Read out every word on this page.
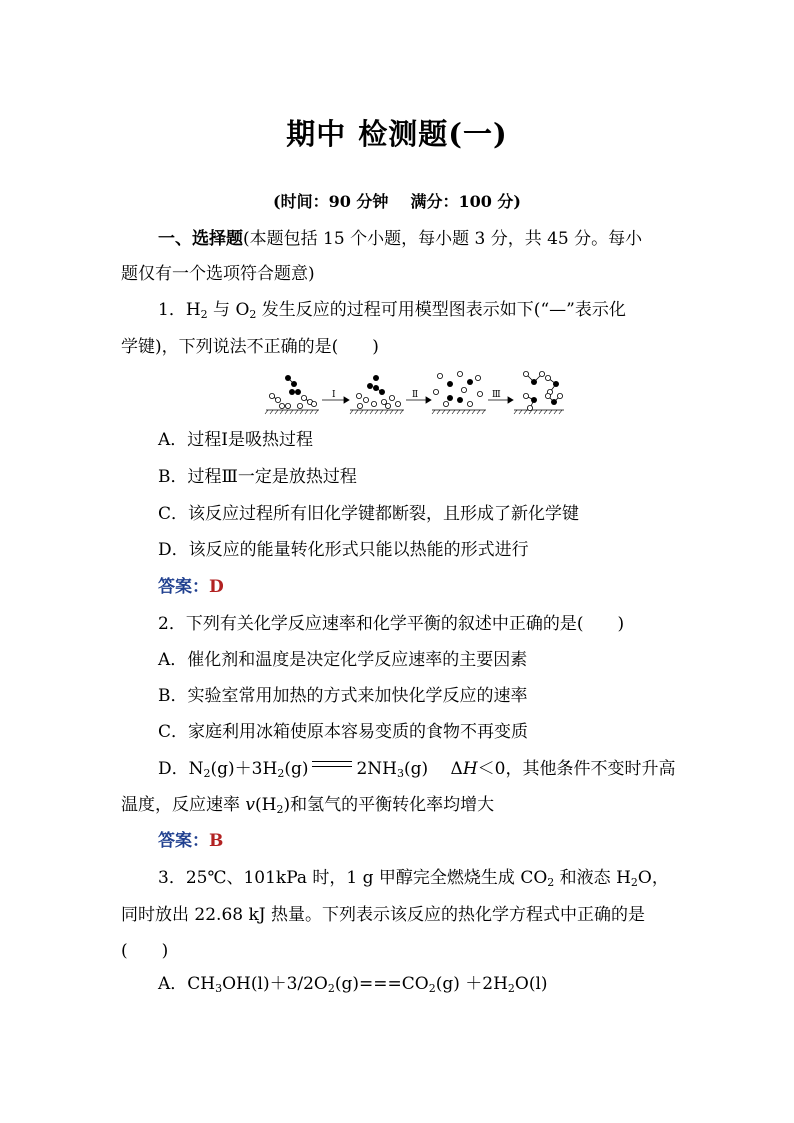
期中 检测题(一)
(时间：90 分钟 满分：100 分)
一、选择题(本题包括 15 个小题，每小题 3 分，共 45 分。每小
题仅有一个选项符合题意)
1．$H_2$ 与 $O_2$ 发生反应的过程可用模型图表示如下(“—”表示化
学键)，下列说法不正确的是(　　)
Ⅰ	Ⅱ	Ⅲ
A．过程Ⅰ是吸热过程
B．过程Ⅲ一定是放热过程
C．该反应过程所有旧化学键都断裂，且形成了新化学键
D．该反应的能量转化形式只能以热能的形式进行
答案：D
2．下列有关化学反应速率和化学平衡的叙述中正确的是(　　)
A．催化剂和温度是决定化学反应速率的主要因素
B．实验室常用加热的方式来加快化学反应的速率
C．家庭利用冰箱使原本容易变质的食物不再变质
D．$N_2(g)+3H_2(g)$	$2NH_3(g)$　 ΔH＜0，其他条件不变时升高
温度，反应速率 $v(H_2)$和氢气的平衡转化率均增大
答案：B
3．25℃、101kPa 时，1 g 甲醇完全燃烧生成 $CO_2$ 和液态 $H_2O$，
同时放出 22.68 kJ 热量。下列表示该反应的热化学方程式中正确的是
(　　)
A．$CH_3OH(l)+3/2O_2(g)===CO_2(g) +2H_2O(l)$
